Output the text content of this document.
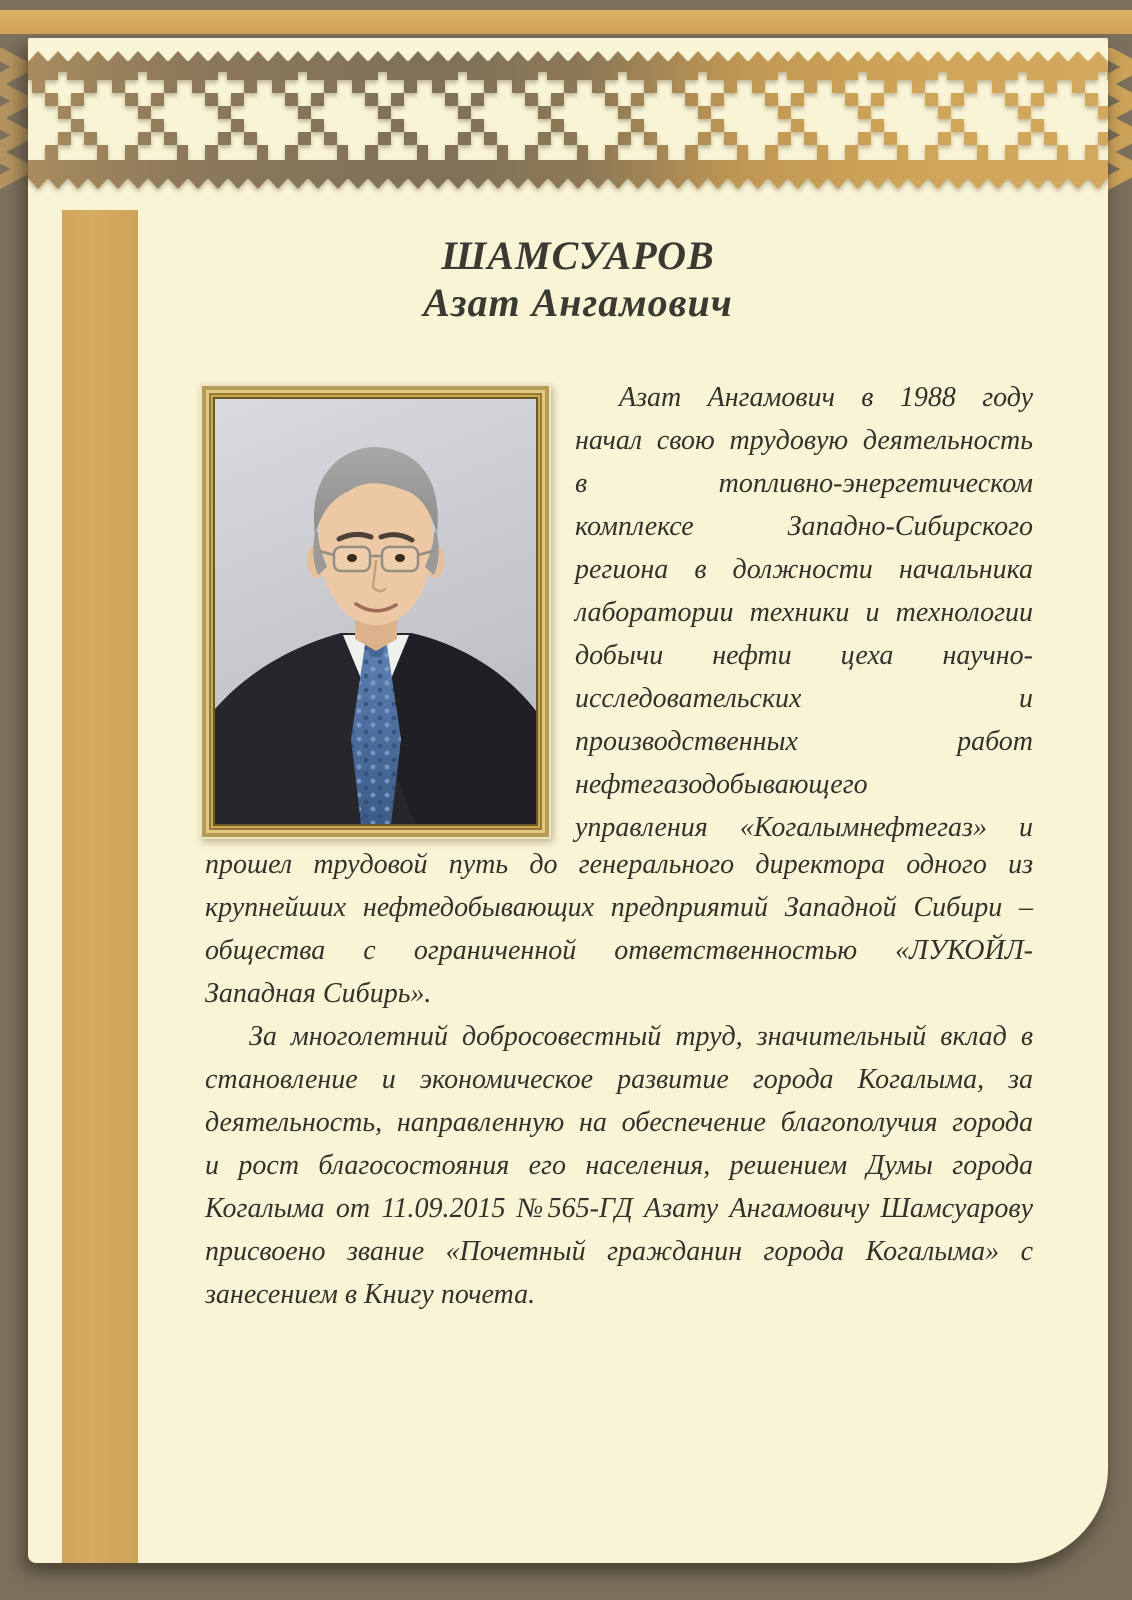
ШАМСУАРОВ
Азат Ангамович
Азат Ангамович в 1988 году
начал свою трудовую деятельность
в топливно-энергетическом
комплексе Западно-Сибирского
региона в должности начальника
лаборатории техники и технологии
добычи нефти цеха научно-
исследовательских и
производственных работ
нефтегазодобывающего
управления «Когалымнефтегаз» и
прошел трудовой путь до генерального директора одного из
крупнейших нефтедобывающих предприятий Западной Сибири –
общества с ограниченной ответственностью «ЛУКОЙЛ-
Западная Сибирь».
За многолетний добросовестный труд, значительный вклад в
становление и экономическое развитие города Когалыма, за
деятельность, направленную на обеспечение благополучия города
и рост благосостояния его населения, решением Думы города
Когалыма от 11.09.2015 №565-ГД Азату Ангамовичу Шамсуарову
присвоено звание «Почетный гражданин города Когалыма» с
занесением в Книгу почета.
